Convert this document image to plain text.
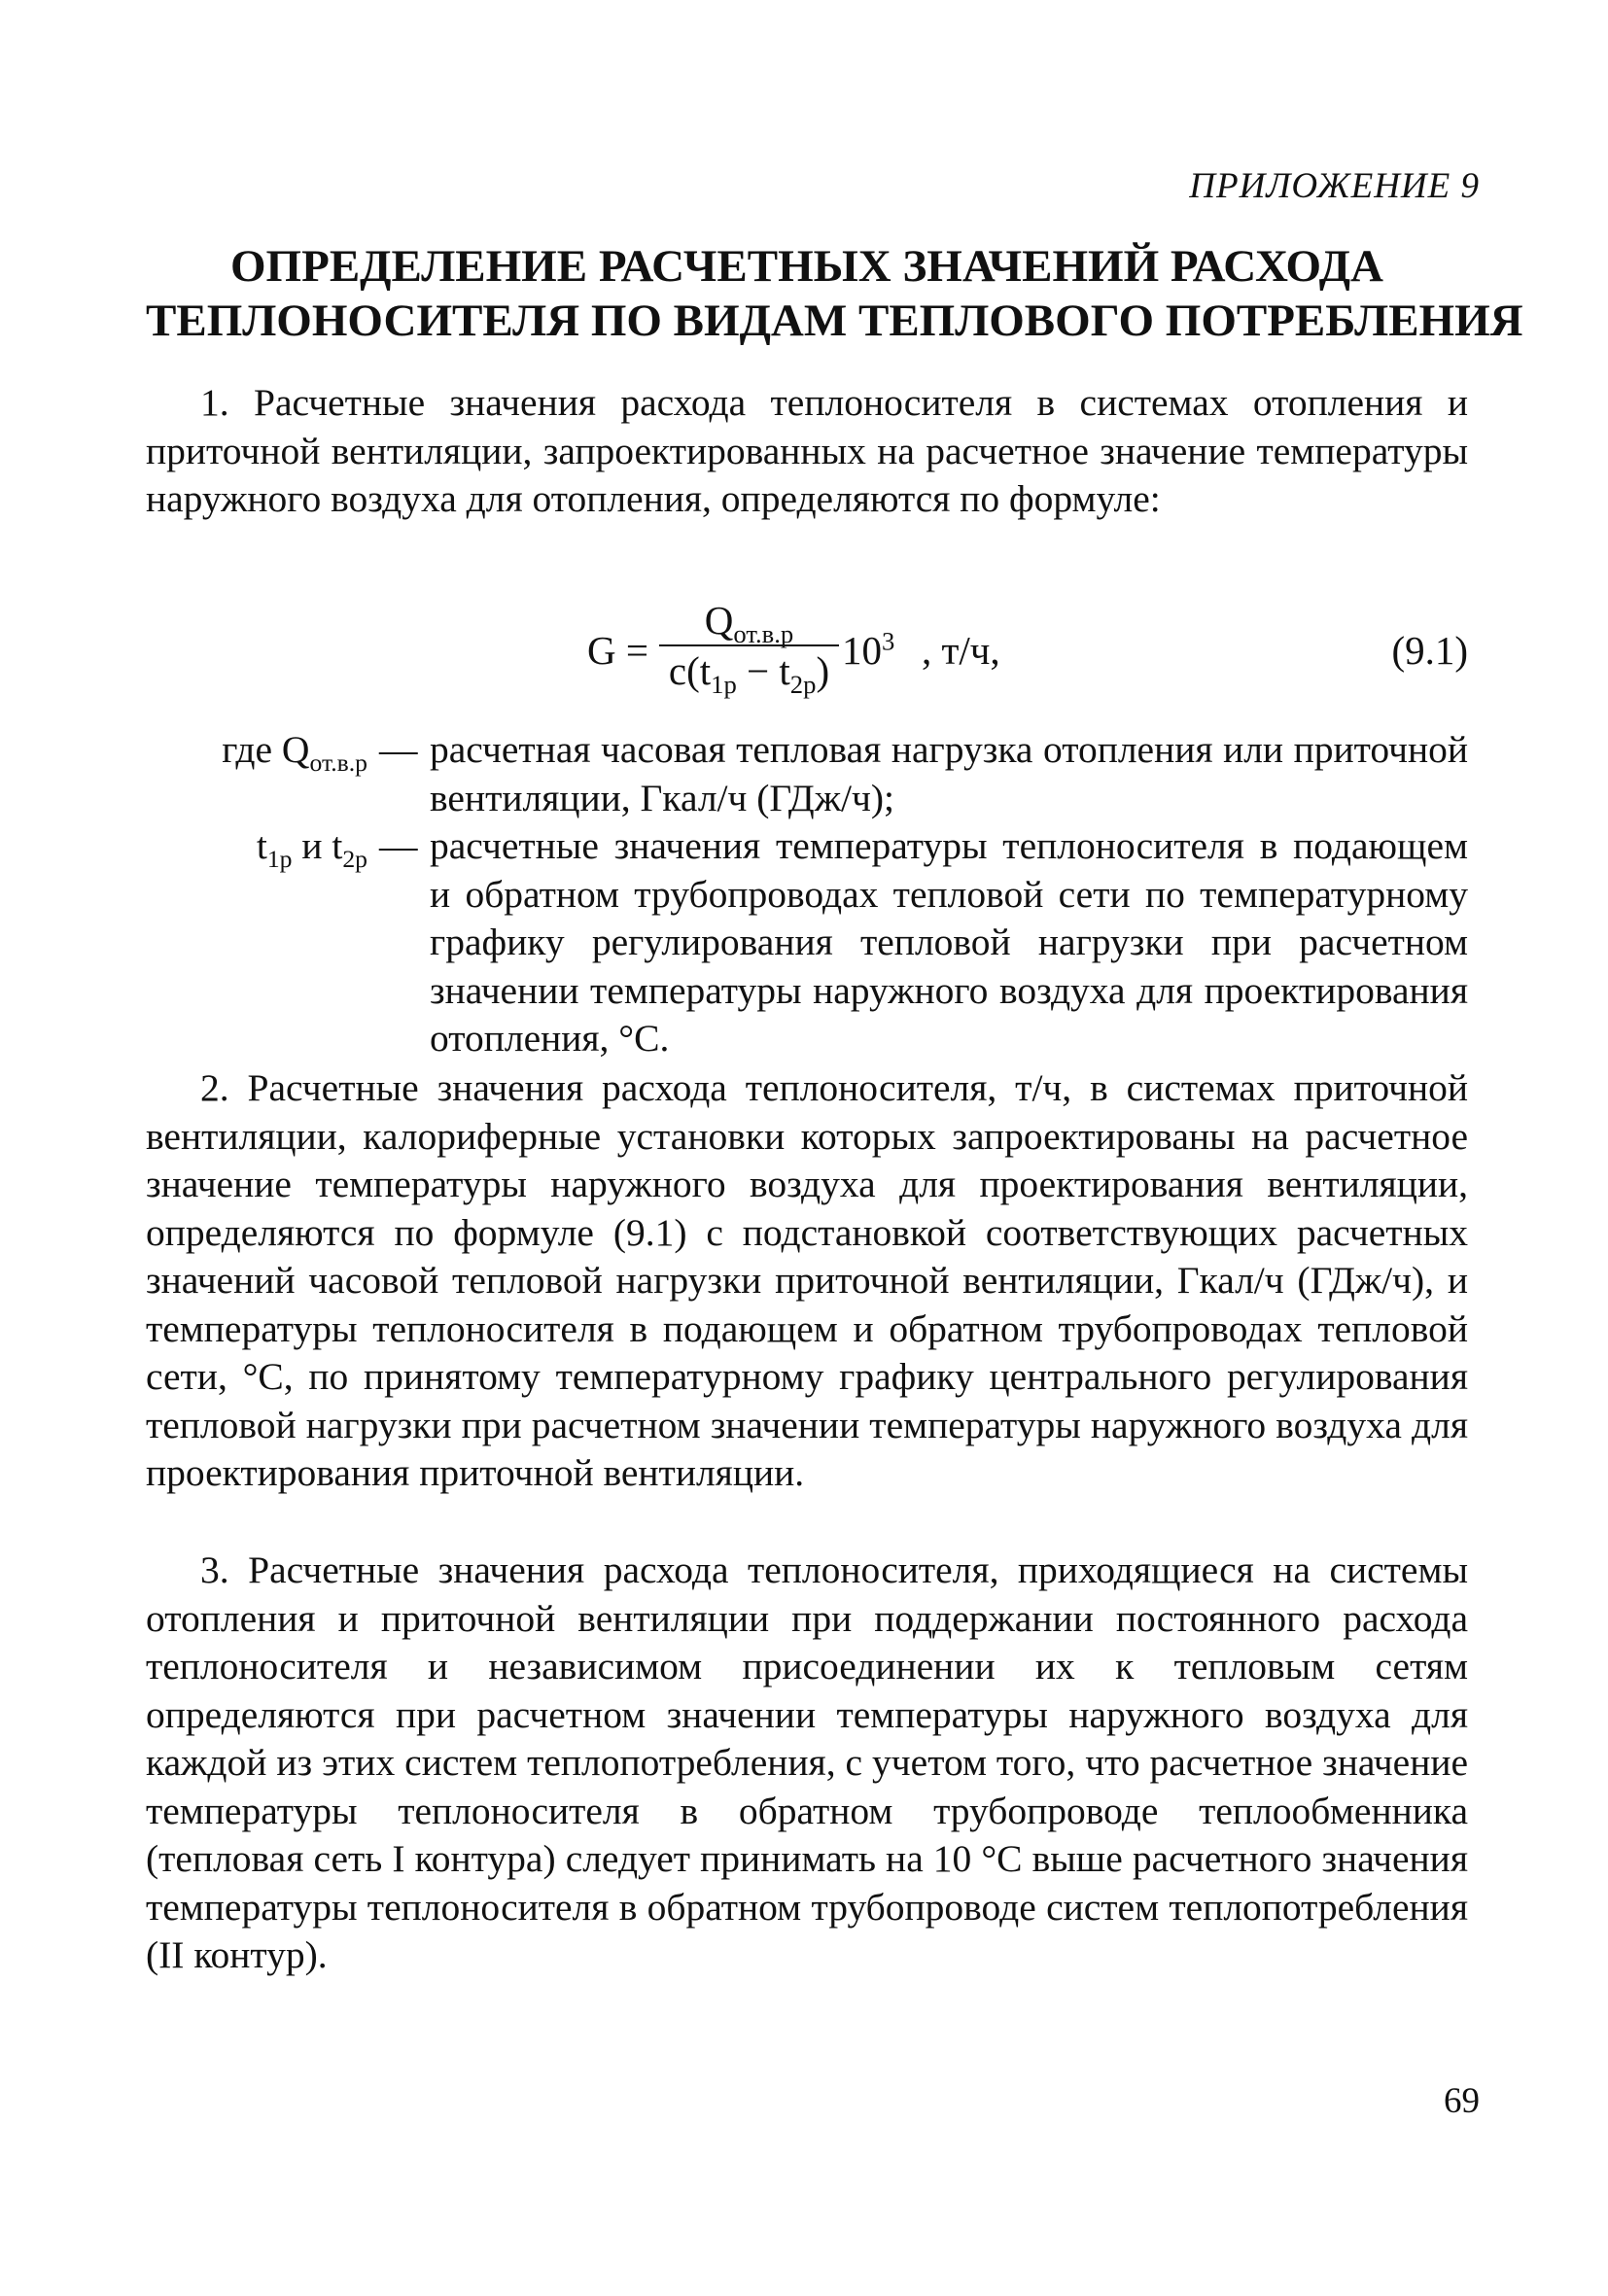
ПРИЛОЖЕНИЕ 9
ОПРЕДЕЛЕНИЕ РАСЧЕТНЫХ ЗНАЧЕНИЙ РАСХОДА
ТЕПЛОНОСИТЕЛЯ ПО ВИДАМ ТЕПЛОВОГО ПОТРЕБЛЕНИЯ

1. Расчетные значения расхода теплоносителя в системах отопления и приточной вентиляции, запроектированных на расчетное значение температуры наружного воздуха для отопления, определяются по формуле:

G =
$Q_{от.в.р}$
$c(t_{1р} - t_{2р})$ $10^3$ , т/ч,	(9.1)
где $Q_{от.в.р}$ — расчетная часовая тепловая нагрузка отопления или приточной вентиляции, Гкал/ч (ГДж/ч);
$t_{1р}$ и $t_{2р}$ — расчетные значения температуры теплоносителя в подающем и обратном трубопроводах тепловой сети по температурному графику регулирования тепловой нагрузки при расчетном значении температуры наружного воздуха для проектирования отопления, °С.

2. Расчетные значения расхода теплоносителя, т/ч, в системах приточной вентиляции, калориферные установки которых запроектированы на расчетное значение температуры наружного воздуха для проектирования вентиляции, определяются по формуле (9.1) с подстановкой соответствующих расчетных значений часовой тепловой нагрузки приточной вентиляции, Гкал/ч (ГДж/ч), и температуры теплоносителя в подающем и обратном трубопроводах тепловой сети, °С, по принятому температурному графику центрального регулирования тепловой нагрузки при расчетном значении температуры наружного воздуха для проектирования приточной вентиляции.

3. Расчетные значения расхода теплоносителя, приходящиеся на системы отопления и приточной вентиляции при поддержании постоянного расхода теплоносителя и независимом присоединении их к тепловым сетям определяются при расчетном значении температуры наружного воздуха для каждой из этих систем теплопотребления, с учетом того, что расчетное значение температуры теплоносителя в обратном трубопроводе теплообменника (тепловая сеть I контура) следует принимать на 10 °С выше расчетного значения температуры теплоносителя в обратном трубопроводе систем теплопотребления (II контур).

69
